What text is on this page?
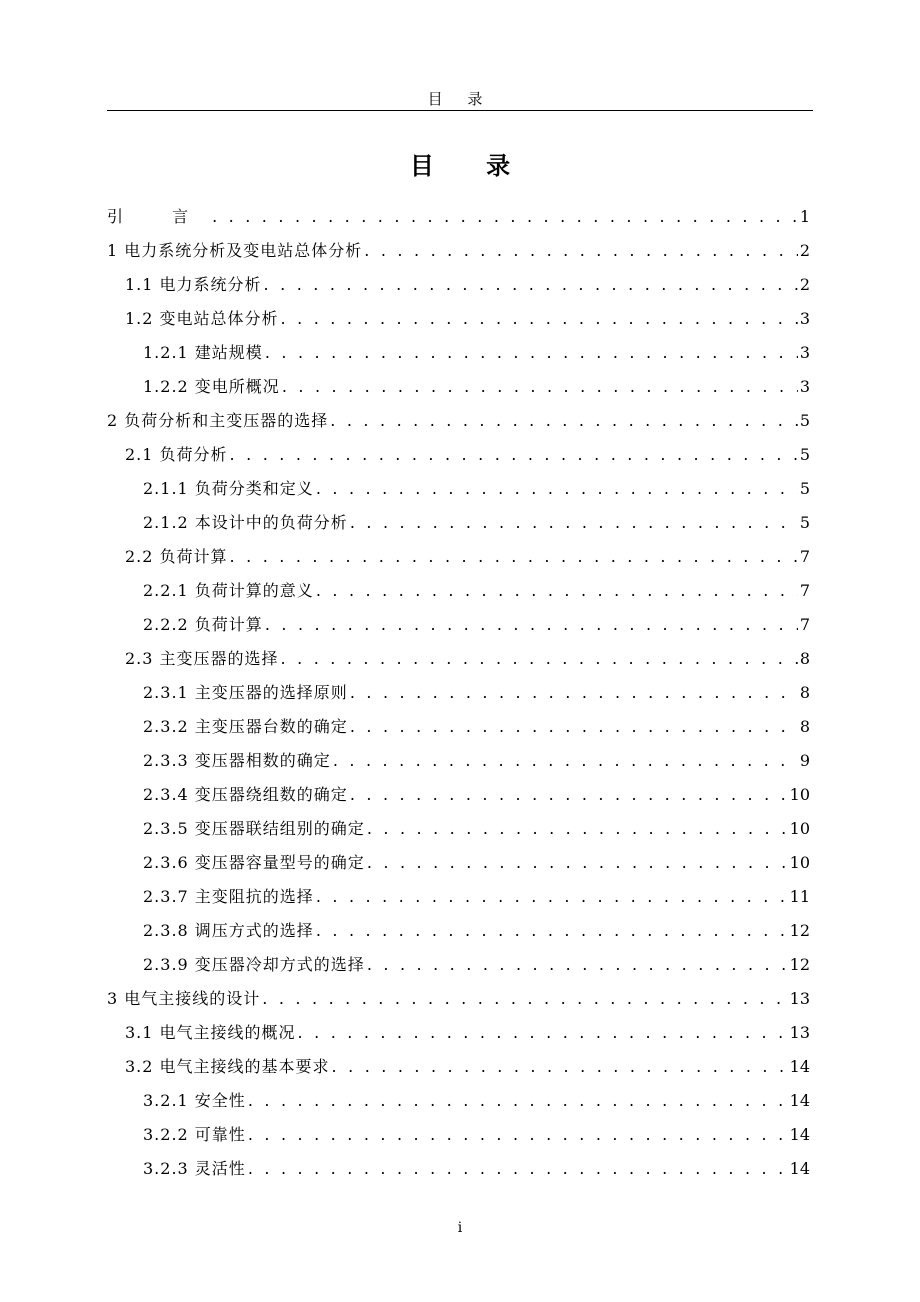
目 录
目 录
引 言 . . .	1
1 电力系统分析及变电站总体分析 . . .	2
1.1 电力系统分析 . . .	2
1.2 变电站总体分析 . . .	3
1.2.1 建站规模 . . .	3
1.2.2 变电所概况 . . .	3
2 负荷分析和主变压器的选择 . . .	5
2.1 负荷分析 . . .	5
2.1.1 负荷分类和定义 . . .	5
2.1.2 本设计中的负荷分析 . . .	5
2.2 负荷计算 . . .	7
2.2.1 负荷计算的意义 . . .	7
2.2.2 负荷计算 . . .	7
2.3 主变压器的选择 . . .	8
2.3.1 主变压器的选择原则 . . .	8
2.3.2 主变压器台数的确定 . . .	8
2.3.3 变压器相数的确定 . . .	9
2.3.4 变压器绕组数的确定 . . .	10
2.3.5 变压器联结组别的确定 . . .	10
2.3.6 变压器容量型号的确定 . . .	10
2.3.7 主变阻抗的选择 . . .	11
2.3.8 调压方式的选择 . . .	12
2.3.9 变压器冷却方式的选择 . . .	12
3 电气主接线的设计 . . .	13
3.1 电气主接线的概况 . . .	13
3.2 电气主接线的基本要求 . . .	14
3.2.1 安全性 . . .	14
3.2.2 可靠性 . . .	14
3.2.3 灵活性 . . .	14
i
